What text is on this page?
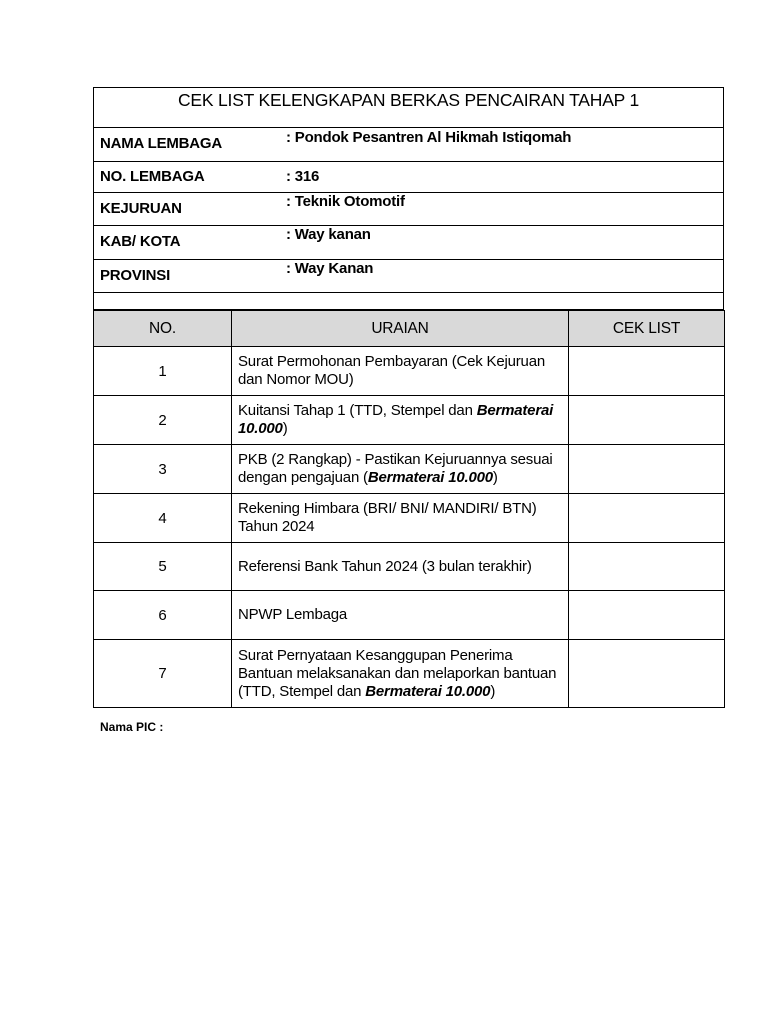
CEK LIST KELENGKAPAN BERKAS PENCAIRAN TAHAP 1
NAMA LEMBAGA	: Pondok Pesantren Al Hikmah Istiqomah
NO. LEMBAGA	: 316
KEJURUAN	: Teknik Otomotif
KAB/ KOTA	: Way kanan
PROVINSI	: Way Kanan
NO.	URAIAN	CEK LIST
1	Surat Permohonan Pembayaran (Cek Kejuruan dan Nomor MOU)	
2	Kuitansi Tahap 1 (TTD, Stempel dan Bermaterai 10.000)	
3	PKB (2 Rangkap) - Pastikan Kejuruannya sesuai dengan pengajuan (Bermaterai 10.000)	
4	Rekening Himbara (BRI/ BNI/ MANDIRI/ BTN) Tahun 2024	
5	Referensi Bank Tahun 2024 (3 bulan terakhir)	
6	NPWP Lembaga	
7	Surat Pernyataan Kesanggupan Penerima Bantuan melaksanakan dan melaporkan bantuan (TTD, Stempel dan Bermaterai 10.000)	
Nama PIC :
